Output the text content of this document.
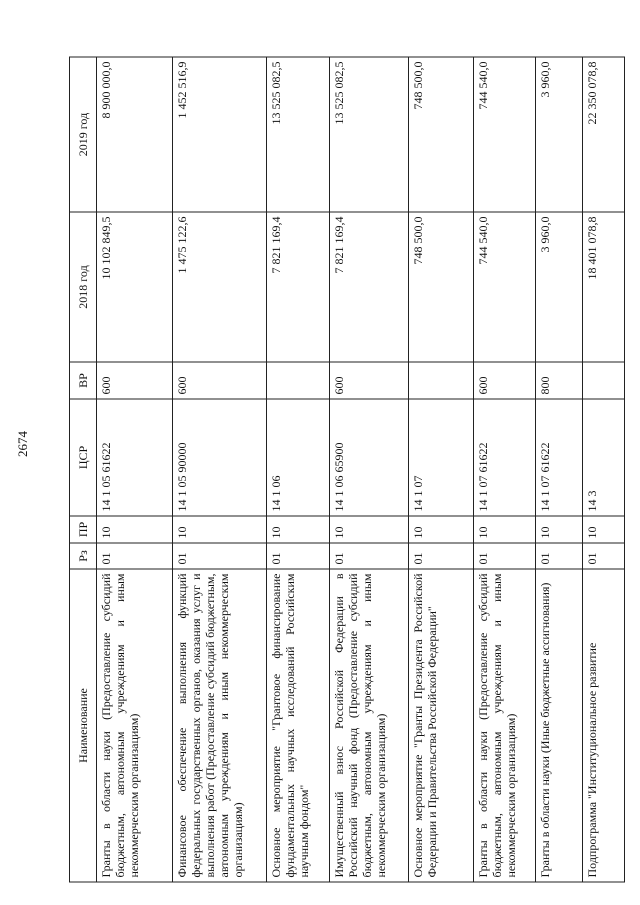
2674
Наименование	Рз	ПР	ЦСР	ВР	2018 год	2019 год
Гранты в области науки (Предоставление субсидий бюджетным, автономным учреждениям и иным некоммерческим организациям)	01	10	14 1 05 61622	600	10 102 849,5	8 900 000,0
Финансовое обеспечение выполнения функций федеральных государственных органов, оказания услуг и выполнения работ (Предоставление субсидий бюджетным, автономным учреждениям и иным некоммерческим организациям)	01	10	14 1 05 90000	600	1 475 122,6	1 452 516,9
Основное мероприятие "Грантовое финансирование фундаментальных научных исследований Российским научным фондом"	01	10	14 1 06		7 821 169,4	13 525 082,5
Имущественный взнос Российской Федерации в Российский научный фонд (Предоставление субсидий бюджетным, автономным учреждениям и иным некоммерческим организациям)	01	10	14 1 06 65900	600	7 821 169,4	13 525 082,5
Основное мероприятие "Гранты Президента Российской Федерации и Правительства Российской Федерации"	01	10	14 1 07		748 500,0	748 500,0
Гранты в области науки (Предоставление субсидий бюджетным, автономным учреждениям и иным некоммерческим организациям)	01	10	14 1 07 61622	600	744 540,0	744 540,0
Гранты в области науки (Иные бюджетные ассигнования)	01	10	14 1 07 61622	800	3 960,0	3 960,0
Подпрограмма "Институциональное развитие	01	10	14 3		18 401 078,8	22 350 078,8
